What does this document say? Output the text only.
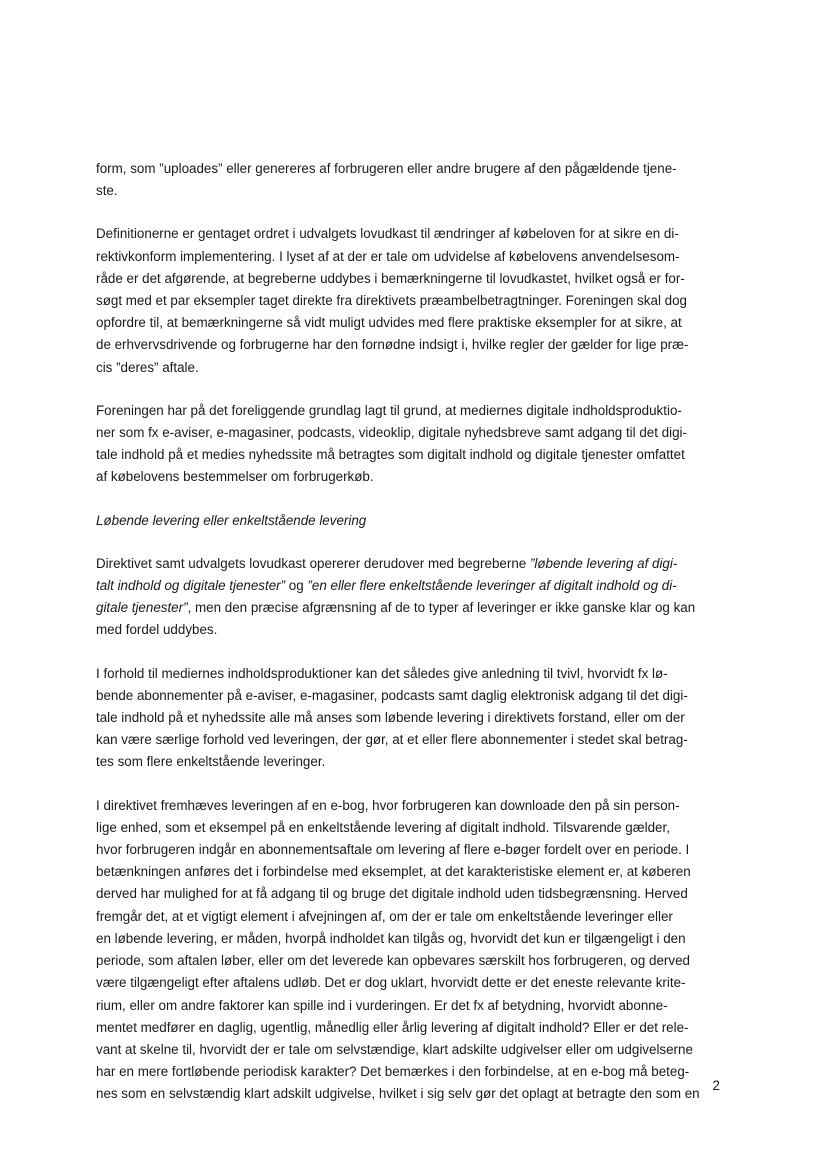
form, som ”uploades” eller genereres af forbrugeren eller andre brugere af den pågældende tjene-
ste.

Definitionerne er gentaget ordret i udvalgets lovudkast til ændringer af købeloven for at sikre en di-
rektivkonform implementering. I lyset af at der er tale om udvidelse af købelovens anvendelsesom-
råde er det afgørende, at begreberne uddybes i bemærkningerne til lovudkastet, hvilket også er for-
søgt med et par eksempler taget direkte fra direktivets præambelbetragtninger. Foreningen skal dog
opfordre til, at bemærkningerne så vidt muligt udvides med flere praktiske eksempler for at sikre, at
de erhvervsdrivende og forbrugerne har den fornødne indsigt i, hvilke regler der gælder for lige præ-
cis ”deres” aftale.

Foreningen har på det foreliggende grundlag lagt til grund, at mediernes digitale indholdsproduktio-
ner som fx e-aviser, e-magasiner, podcasts, videoklip, digitale nyhedsbreve samt adgang til det digi-
tale indhold på et medies nyhedssite må betragtes som digitalt indhold og digitale tjenester omfattet
af købelovens bestemmelser om forbrugerkøb.

Løbende levering eller enkeltstående levering

Direktivet samt udvalgets lovudkast opererer derudover med begreberne ”løbende levering af digi-
talt indhold og digitale tjenester” og ”en eller flere enkeltstående leveringer af digitalt indhold og di-
gitale tjenester”, men den præcise afgrænsning af de to typer af leveringer er ikke ganske klar og kan
med fordel uddybes.

I forhold til mediernes indholdsproduktioner kan det således give anledning til tvivl, hvorvidt fx lø-
bende abonnementer på e-aviser, e-magasiner, podcasts samt daglig elektronisk adgang til det digi-
tale indhold på et nyhedssite alle må anses som løbende levering i direktivets forstand, eller om der
kan være særlige forhold ved leveringen, der gør, at et eller flere abonnementer i stedet skal betrag-
tes som flere enkeltstående leveringer.

I direktivet fremhæves leveringen af en e-bog, hvor forbrugeren kan downloade den på sin person-
lige enhed, som et eksempel på en enkeltstående levering af digitalt indhold. Tilsvarende gælder,
hvor forbrugeren indgår en abonnementsaftale om levering af flere e-bøger fordelt over en periode. I
betænkningen anføres det i forbindelse med eksemplet, at det karakteristiske element er, at køberen
derved har mulighed for at få adgang til og bruge det digitale indhold uden tidsbegrænsning. Herved
fremgår det, at et vigtigt element i afvejningen af, om der er tale om enkeltstående leveringer eller
en løbende levering, er måden, hvorpå indholdet kan tilgås og, hvorvidt det kun er tilgængeligt i den
periode, som aftalen løber, eller om det leverede kan opbevares særskilt hos forbrugeren, og derved
være tilgængeligt efter aftalens udløb. Det er dog uklart, hvorvidt dette er det eneste relevante krite-
rium, eller om andre faktorer kan spille ind i vurderingen. Er det fx af betydning, hvorvidt abonne-
mentet medfører en daglig, ugentlig, månedlig eller årlig levering af digitalt indhold? Eller er det rele-
vant at skelne til, hvorvidt der er tale om selvstændige, klart adskilte udgivelser eller om udgivelserne
har en mere fortløbende periodisk karakter? Det bemærkes i den forbindelse, at en e-bog må beteg-
nes som en selvstændig klart adskilt udgivelse, hvilket i sig selv gør det oplagt at betragte den som en

2
